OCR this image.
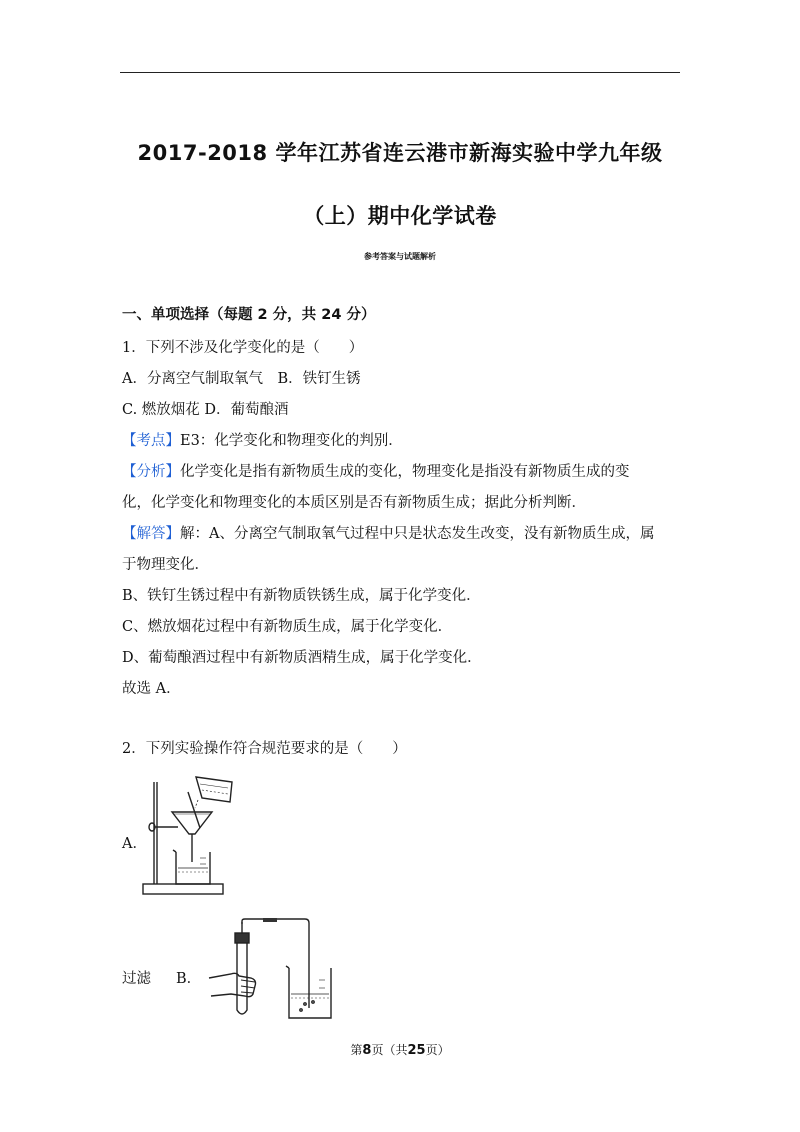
2017-2018 学年江苏省连云港市新海实验中学九年级
（上）期中化学试卷
参考答案与试题解析
一、单项选择（每题 2 分，共 24 分）
1．下列不涉及化学变化的是（　　）
A．分离空气制取氧气　B．铁钉生锈
C. 燃放烟花 D．葡萄酿酒
【考点】E3：化学变化和物理变化的判别．
【分析】化学变化是指有新物质生成的变化，物理变化是指没有新物质生成的变
化，化学变化和物理变化的本质区别是否有新物质生成；据此分析判断．
【解答】解：A、分离空气制取氧气过程中只是状态发生改变，没有新物质生成，属
于物理变化．
B、铁钉生锈过程中有新物质铁锈生成，属于化学变化．
C、燃放烟花过程中有新物质生成，属于化学变化．
D、葡萄酿酒过程中有新物质酒精生成，属于化学变化．
故选 A．
2．下列实验操作符合规范要求的是（　　）
A．
过滤 B．
第8页（共25页）
